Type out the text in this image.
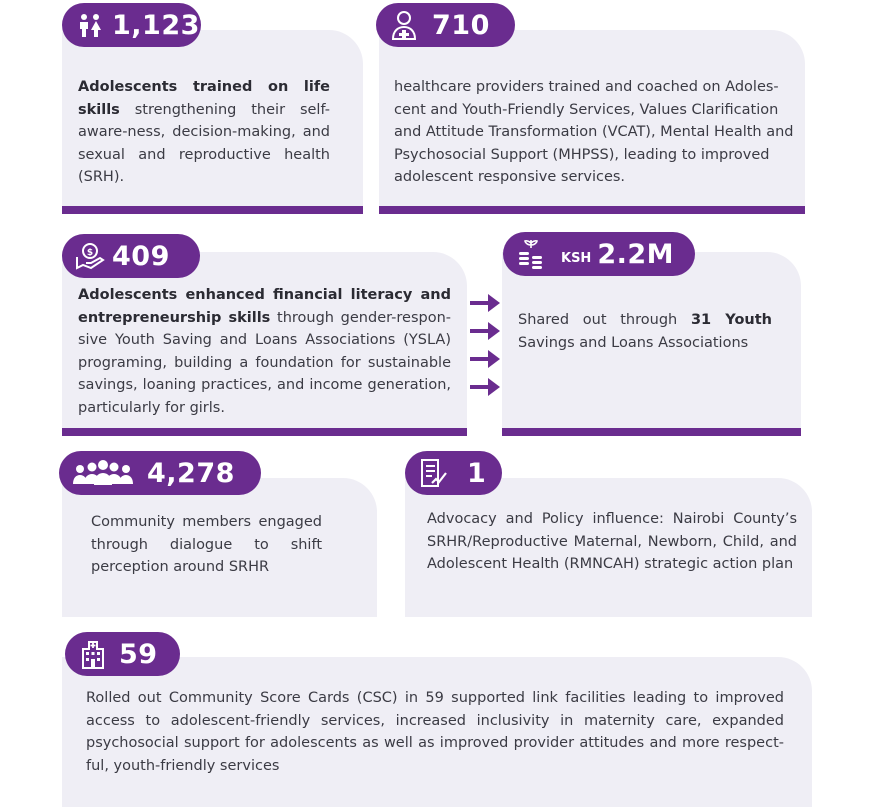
Adolescents trained on life skills strengthening their self-aware-ness, decision-making, and sexual and reproductive health (SRH).
1,123
healthcare providers trained and coached on Adoles-cent and Youth-Friendly Services, Values Clarification and Attitude Transformation (VCAT), Mental Health and Psychosocial Support (MHPSS), leading to improved adolescent responsive services.
710
Adolescents enhanced financial literacy and entrepreneurship skills through gender-respon-sive Youth Saving and Loans Associations (YSLA) programing, building a foundation for sustainable savings, loaning practices, and income generation, particularly for girls.
$ 409
Shared out through 31 Youth Savings and Loans Associations
KSH 2.2M
Community members engaged through dialogue to shift perception around SRHR
4,278
Advocacy and Policy influence: Nairobi County’s SRHR/Reproductive Maternal, Newborn, Child, and Adolescent Health (RMNCAH) strategic action plan
1
Rolled out Community Score Cards (CSC) in 59 supported link facilities leading to improved access to adolescent-friendly services, increased inclusivity in maternity care, expanded psychosocial support for adolescents as well as improved provider attitudes and more respect-ful, youth-friendly services
59
